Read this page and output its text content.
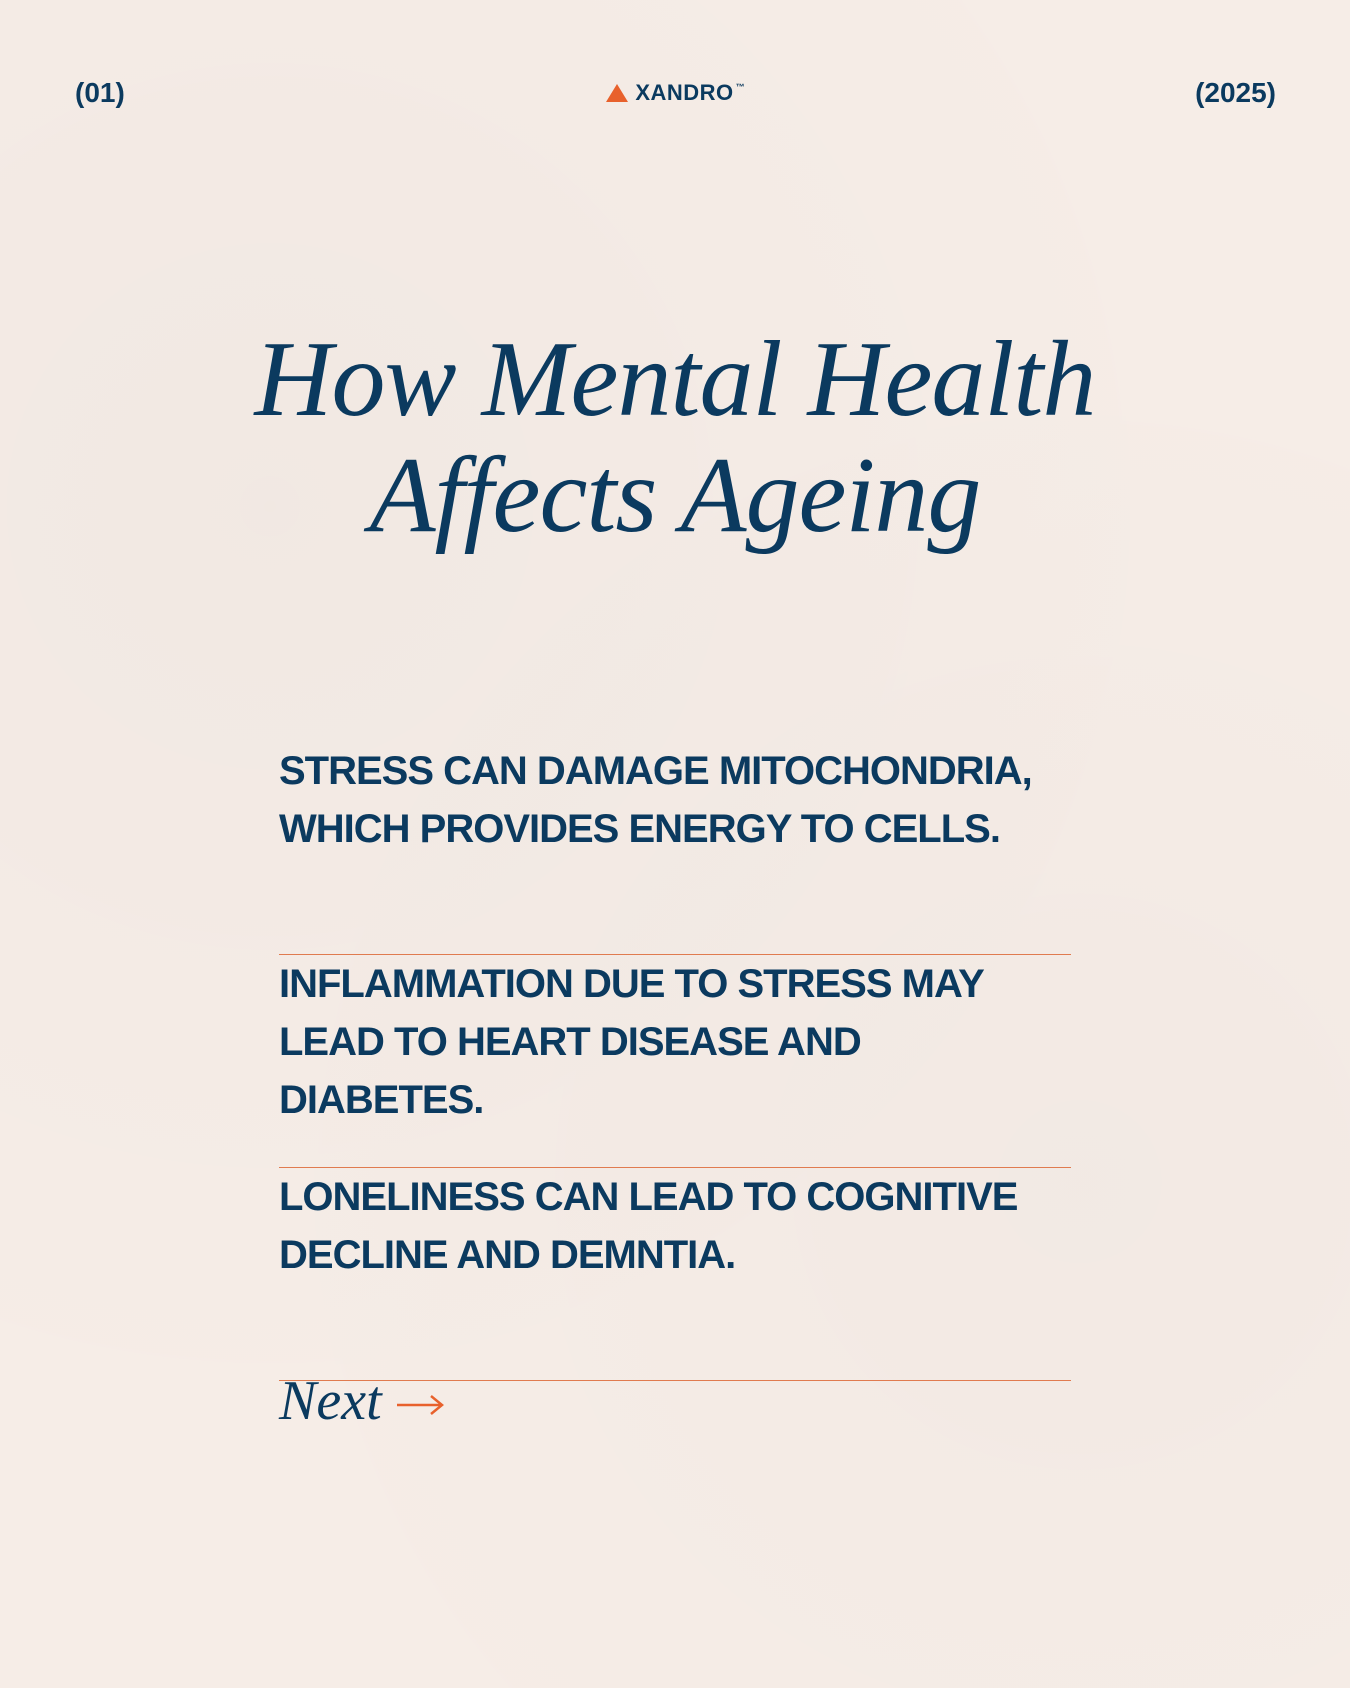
(01)	XANDRO ™	(2025)
How Mental Health
Affects Ageing

STRESS CAN DAMAGE MITOCHONDRIA,
WHICH PROVIDES ENERGY TO CELLS.

INFLAMMATION DUE TO STRESS MAY
LEAD TO HEART DISEASE AND DIABETES.

LONELINESS CAN LEAD TO COGNITIVE
DECLINE AND DEMNTIA.

Next
